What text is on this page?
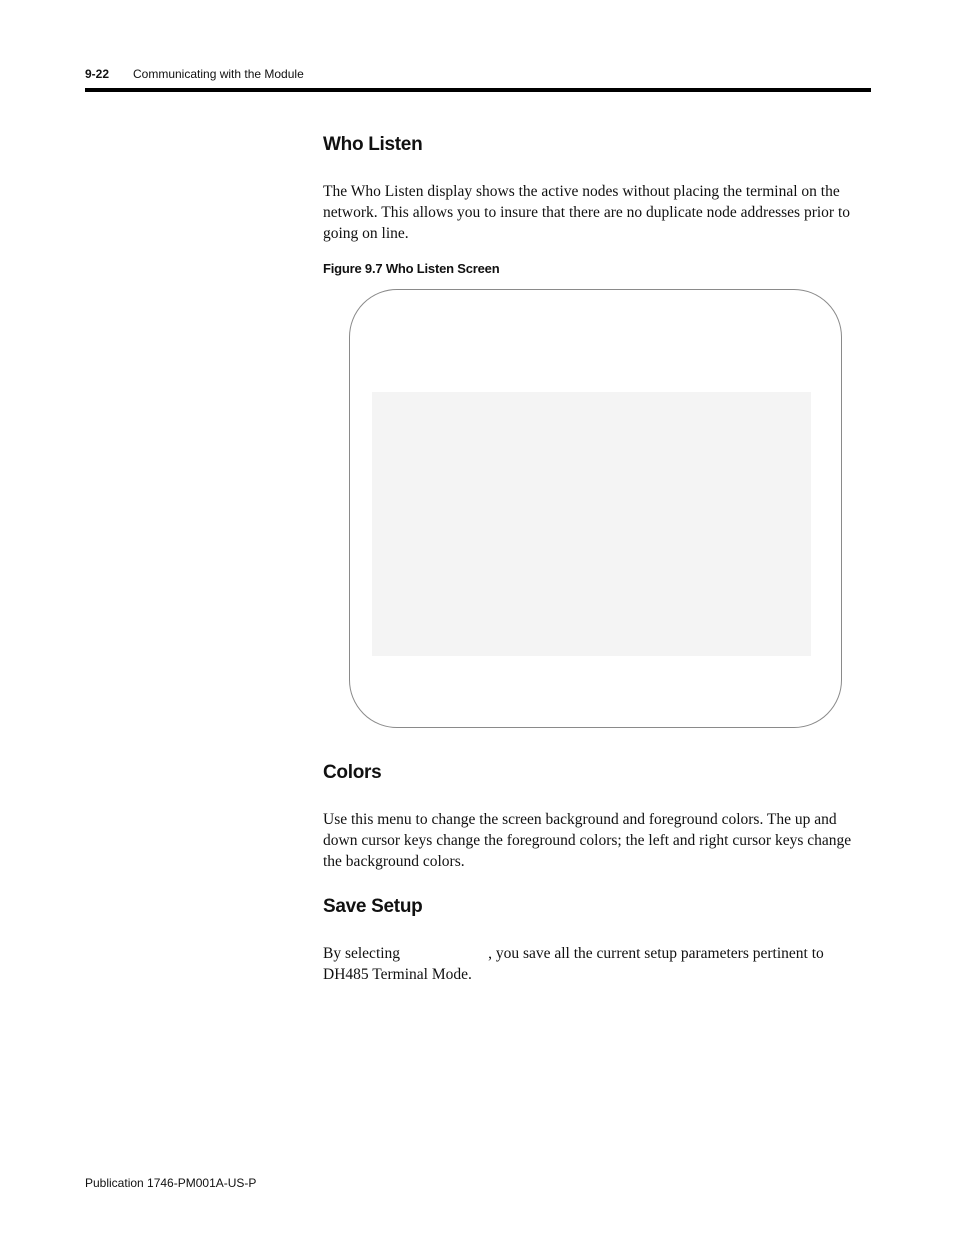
9-22 Communicating with the Module
Who Listen

The Who Listen display shows the active nodes without placing the terminal on the network. This allows you to insure that there are no duplicate node addresses prior to going on line.

Figure 9.7 Who Listen Screen
Colors

Use this menu to change the screen background and foreground colors. The up and down cursor keys change the foreground colors; the left and right cursor keys change the background colors.

Save Setup

By selecting	, you save all the current setup parameters pertinent to DH485 Terminal Mode.

Publication 1746-PM001A-US-P
